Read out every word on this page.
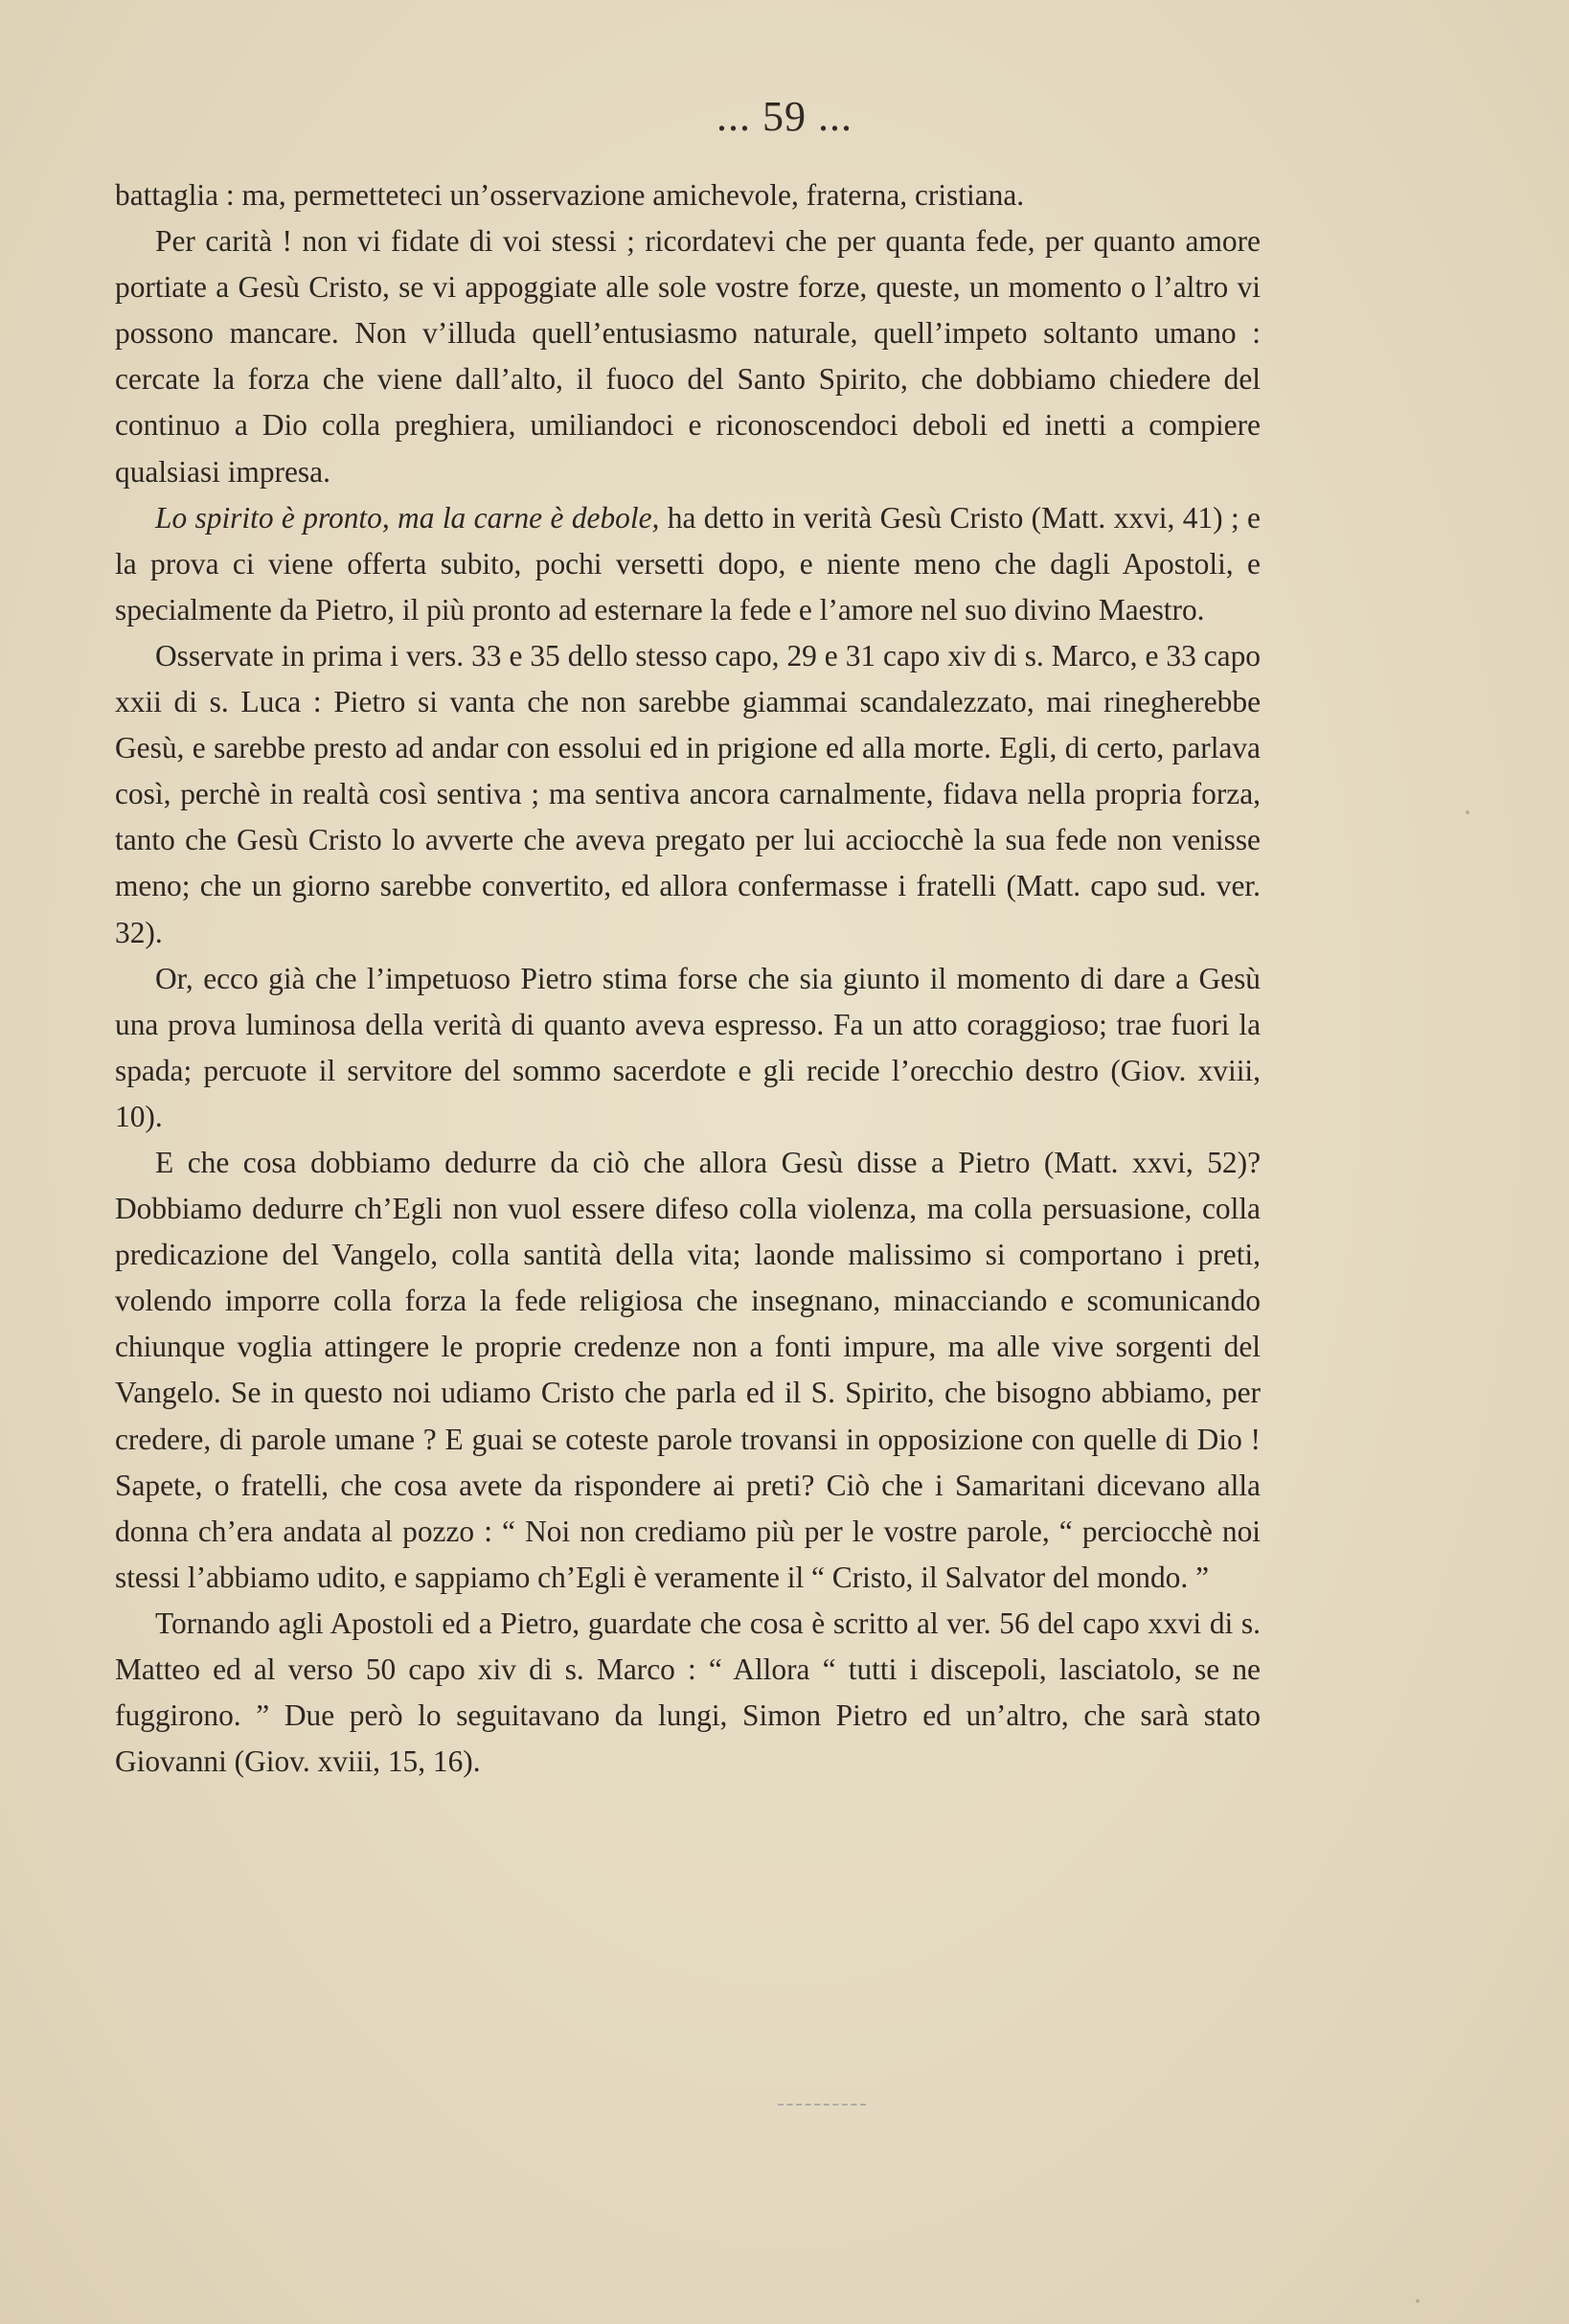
... 59 ...

battaglia : ma, permetteteci un’osservazione amichevole, fraterna, cristiana.

Per carità ! non vi fidate di voi stessi ; ricordatevi che per quanta fede, per quanto amore portiate a Gesù Cristo, se vi appoggiate alle sole vostre forze, queste, un momento o l’altro vi possono mancare. Non v’illuda quell’entusiasmo naturale, quell’impeto soltanto umano : cercate la forza che viene dall’alto, il fuoco del Santo Spirito, che dobbiamo chiedere del continuo a Dio colla preghiera, umiliandoci e riconoscendoci deboli ed inetti a compiere qualsiasi impresa.

Lo spirito è pronto, ma la carne è debole, ha detto in verità Gesù Cristo (Matt. xxvi, 41) ; e la prova ci viene offerta subito, pochi versetti dopo, e niente meno che dagli Apostoli, e specialmente da Pietro, il più pronto ad esternare la fede e l’amore nel suo divino Maestro.

Osservate in prima i vers. 33 e 35 dello stesso capo, 29 e 31 capo xiv di s. Marco, e 33 capo xxii di s. Luca : Pietro si vanta che non sarebbe giammai scandalezzato, mai rinegherebbe Gesù, e sarebbe presto ad andar con essolui ed in prigione ed alla morte. Egli, di certo, parlava così, perchè in realtà così sentiva ; ma sentiva ancora carnalmente, fidava nella propria forza, tanto che Gesù Cristo lo avverte che aveva pregato per lui acciocchè la sua fede non venisse meno; che un giorno sarebbe convertito, ed allora confermasse i fratelli (Matt. capo sud. ver. 32).

Or, ecco già che l’impetuoso Pietro stima forse che sia giunto il momento di dare a Gesù una prova luminosa della verità di quanto aveva espresso. Fa un atto coraggioso; trae fuori la spada; percuote il servitore del sommo sacerdote e gli recide l’orecchio destro (Giov. xviii, 10).

E che cosa dobbiamo dedurre da ciò che allora Gesù disse a Pietro (Matt. xxvi, 52)? Dobbiamo dedurre ch’Egli non vuol essere difeso colla violenza, ma colla persuasione, colla predicazione del Vangelo, colla santità della vita; laonde malissimo si comportano i preti, volendo imporre colla forza la fede religiosa che insegnano, minacciando e scomunicando chiunque voglia attingere le proprie credenze non a fonti impure, ma alle vive sorgenti del Vangelo. Se in questo noi udiamo Cristo che parla ed il S. Spirito, che bisogno abbiamo, per credere, di parole umane ? E guai se coteste parole trovansi in opposizione con quelle di Dio ! Sapete, o fratelli, che cosa avete da rispondere ai preti? Ciò che i Samaritani dicevano alla donna ch’era andata al pozzo : “ Noi non crediamo più per le vostre parole, “ perciocchè noi stessi l’abbiamo udito, e sappiamo ch’Egli è veramente il “ Cristo, il Salvator del mondo. ”

Tornando agli Apostoli ed a Pietro, guardate che cosa è scritto al ver. 56 del capo xxvi di s. Matteo ed al verso 50 capo xiv di s. Marco : “ Allora “ tutti i discepoli, lasciatolo, se ne fuggirono. ” Due però lo seguitavano da lungi, Simon Pietro ed un’altro, che sarà stato Giovanni (Giov. xviii, 15, 16).
